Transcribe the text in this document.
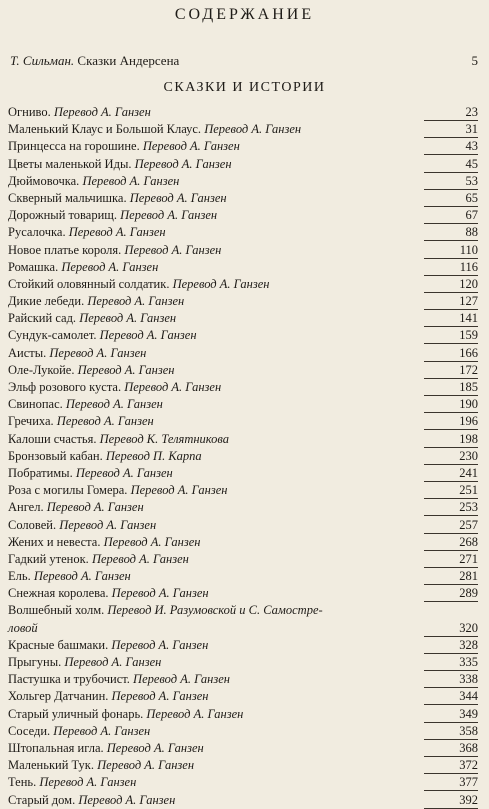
СОДЕРЖАНИЕ
Т. Сильман. Сказки Андерсена	5
СКАЗКИ И ИСТОРИИ
Огниво. Перевод А. Ганзен	23
Маленький Клаус и Большой Клаус. Перевод А. Ганзен	31
Принцесса на горошине. Перевод А. Ганзен	43
Цветы маленькой Иды. Перевод А. Ганзен	45
Дюймовочка. Перевод А. Ганзен	53
Скверный мальчишка. Перевод А. Ганзен	65
Дорожный товарищ. Перевод А. Ганзен	67
Русалочка. Перевод А. Ганзен	88
Новое платье короля. Перевод А. Ганзен	110
Ромашка. Перевод А. Ганзен	116
Стойкий оловянный солдатик. Перевод А. Ганзен	120
Дикие лебеди. Перевод А. Ганзен	127
Райский сад. Перевод А. Ганзен	141
Сундук-самолет. Перевод А. Ганзен	159
Аисты. Перевод А. Ганзен	166
Оле-Лукойе. Перевод А. Ганзен	172
Эльф розового куста. Перевод А. Ганзен	185
Свинопас. Перевод А. Ганзен	190
Гречиха. Перевод А. Ганзен	196
Калоши счастья. Перевод К. Телятникова	198
Бронзовый кабан. Перевод П. Карпа	230
Побратимы. Перевод А. Ганзен	241
Роза с могилы Гомера. Перевод А. Ганзен	251
Ангел. Перевод А. Ганзен	253
Соловей. Перевод А. Ганзен	257
Жених и невеста. Перевод А. Ганзен	268
Гадкий утенок. Перевод А. Ганзен	271
Ель. Перевод А. Ганзен	281
Снежная королева. Перевод А. Ганзен	289
Волшебный холм. Перевод И. Разумовской и С. Самостре-
ловой	320
Красные башмаки. Перевод А. Ганзен	328
Прыгуны. Перевод А. Ганзен	335
Пастушка и трубочист. Перевод А. Ганзен	338
Хольгер Датчанин. Перевод А. Ганзен	344
Старый уличный фонарь. Перевод А. Ганзен	349
Соседи. Перевод А. Ганзен	358
Штопальная игла. Перевод А. Ганзен	368
Маленький Тук. Перевод А. Ганзен	372
Тень. Перевод А. Ганзен	377
Старый дом. Перевод А. Ганзен	392
